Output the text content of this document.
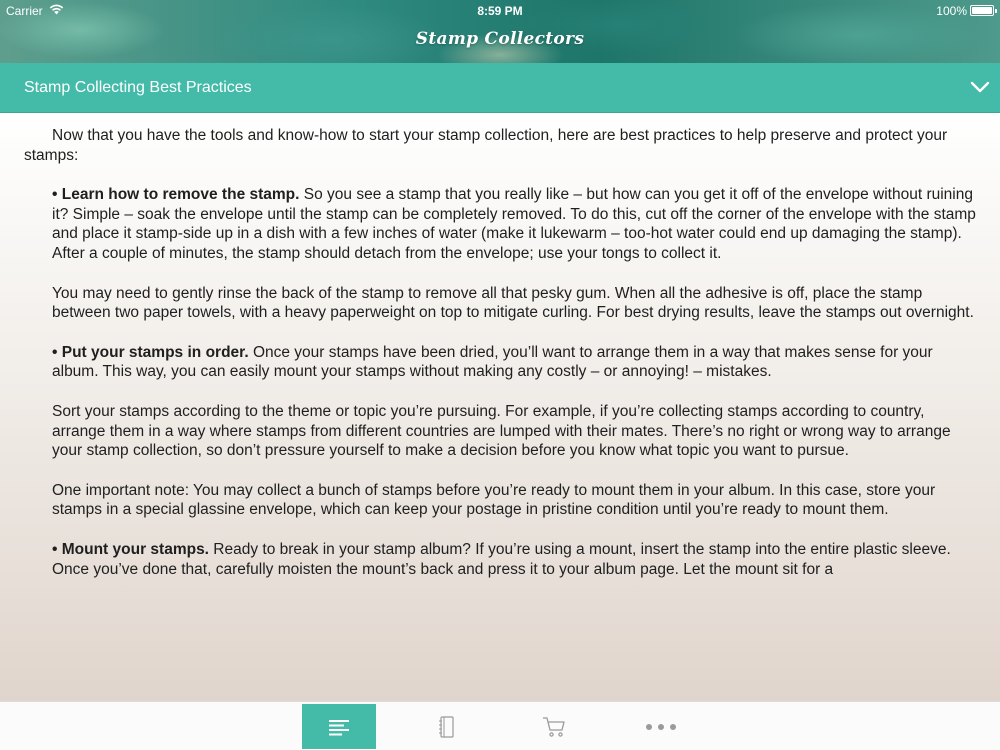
Carrier	8:59 PM	100%
Stamp Collectors
Stamp Collecting Best Practices

Now that you have the tools and know-how to start your stamp collection, here are best practices to help preserve and protect your stamps:

• Learn how to remove the stamp. So you see a stamp that you really like – but how can you get it off of the envelope without ruining it? Simple – soak the envelope until the stamp can be completely removed. To do this, cut off the corner of the envelope with the stamp and place it stamp-side up in a dish with a few inches of water (make it lukewarm – too-hot water could end up damaging the stamp). After a couple of minutes, the stamp should detach from the envelope; use your tongs to collect it.

You may need to gently rinse the back of the stamp to remove all that pesky gum. When all the adhesive is off, place the stamp between two paper towels, with a heavy paperweight on top to mitigate curling. For best drying results, leave the stamps out overnight.

• Put your stamps in order. Once your stamps have been dried, you’ll want to arrange them in a way that makes sense for your album. This way, you can easily mount your stamps without making any costly – or annoying! – mistakes.

Sort your stamps according to the theme or topic you’re pursuing. For example, if you’re collecting stamps according to country, arrange them in a way where stamps from different countries are lumped with their mates. There’s no right or wrong way to arrange your stamp collection, so don’t pressure yourself to make a decision before you know what topic you want to pursue.

One important note: You may collect a bunch of stamps before you’re ready to mount them in your album. In this case, store your stamps in a special glassine envelope, which can keep your postage in pristine condition until you’re ready to mount them.

• Mount your stamps. Ready to break in your stamp album? If you’re using a mount, insert the stamp into the entire plastic sleeve. Once you’ve done that, carefully moisten the mount’s back and press it to your album page. Let the mount sit for a
